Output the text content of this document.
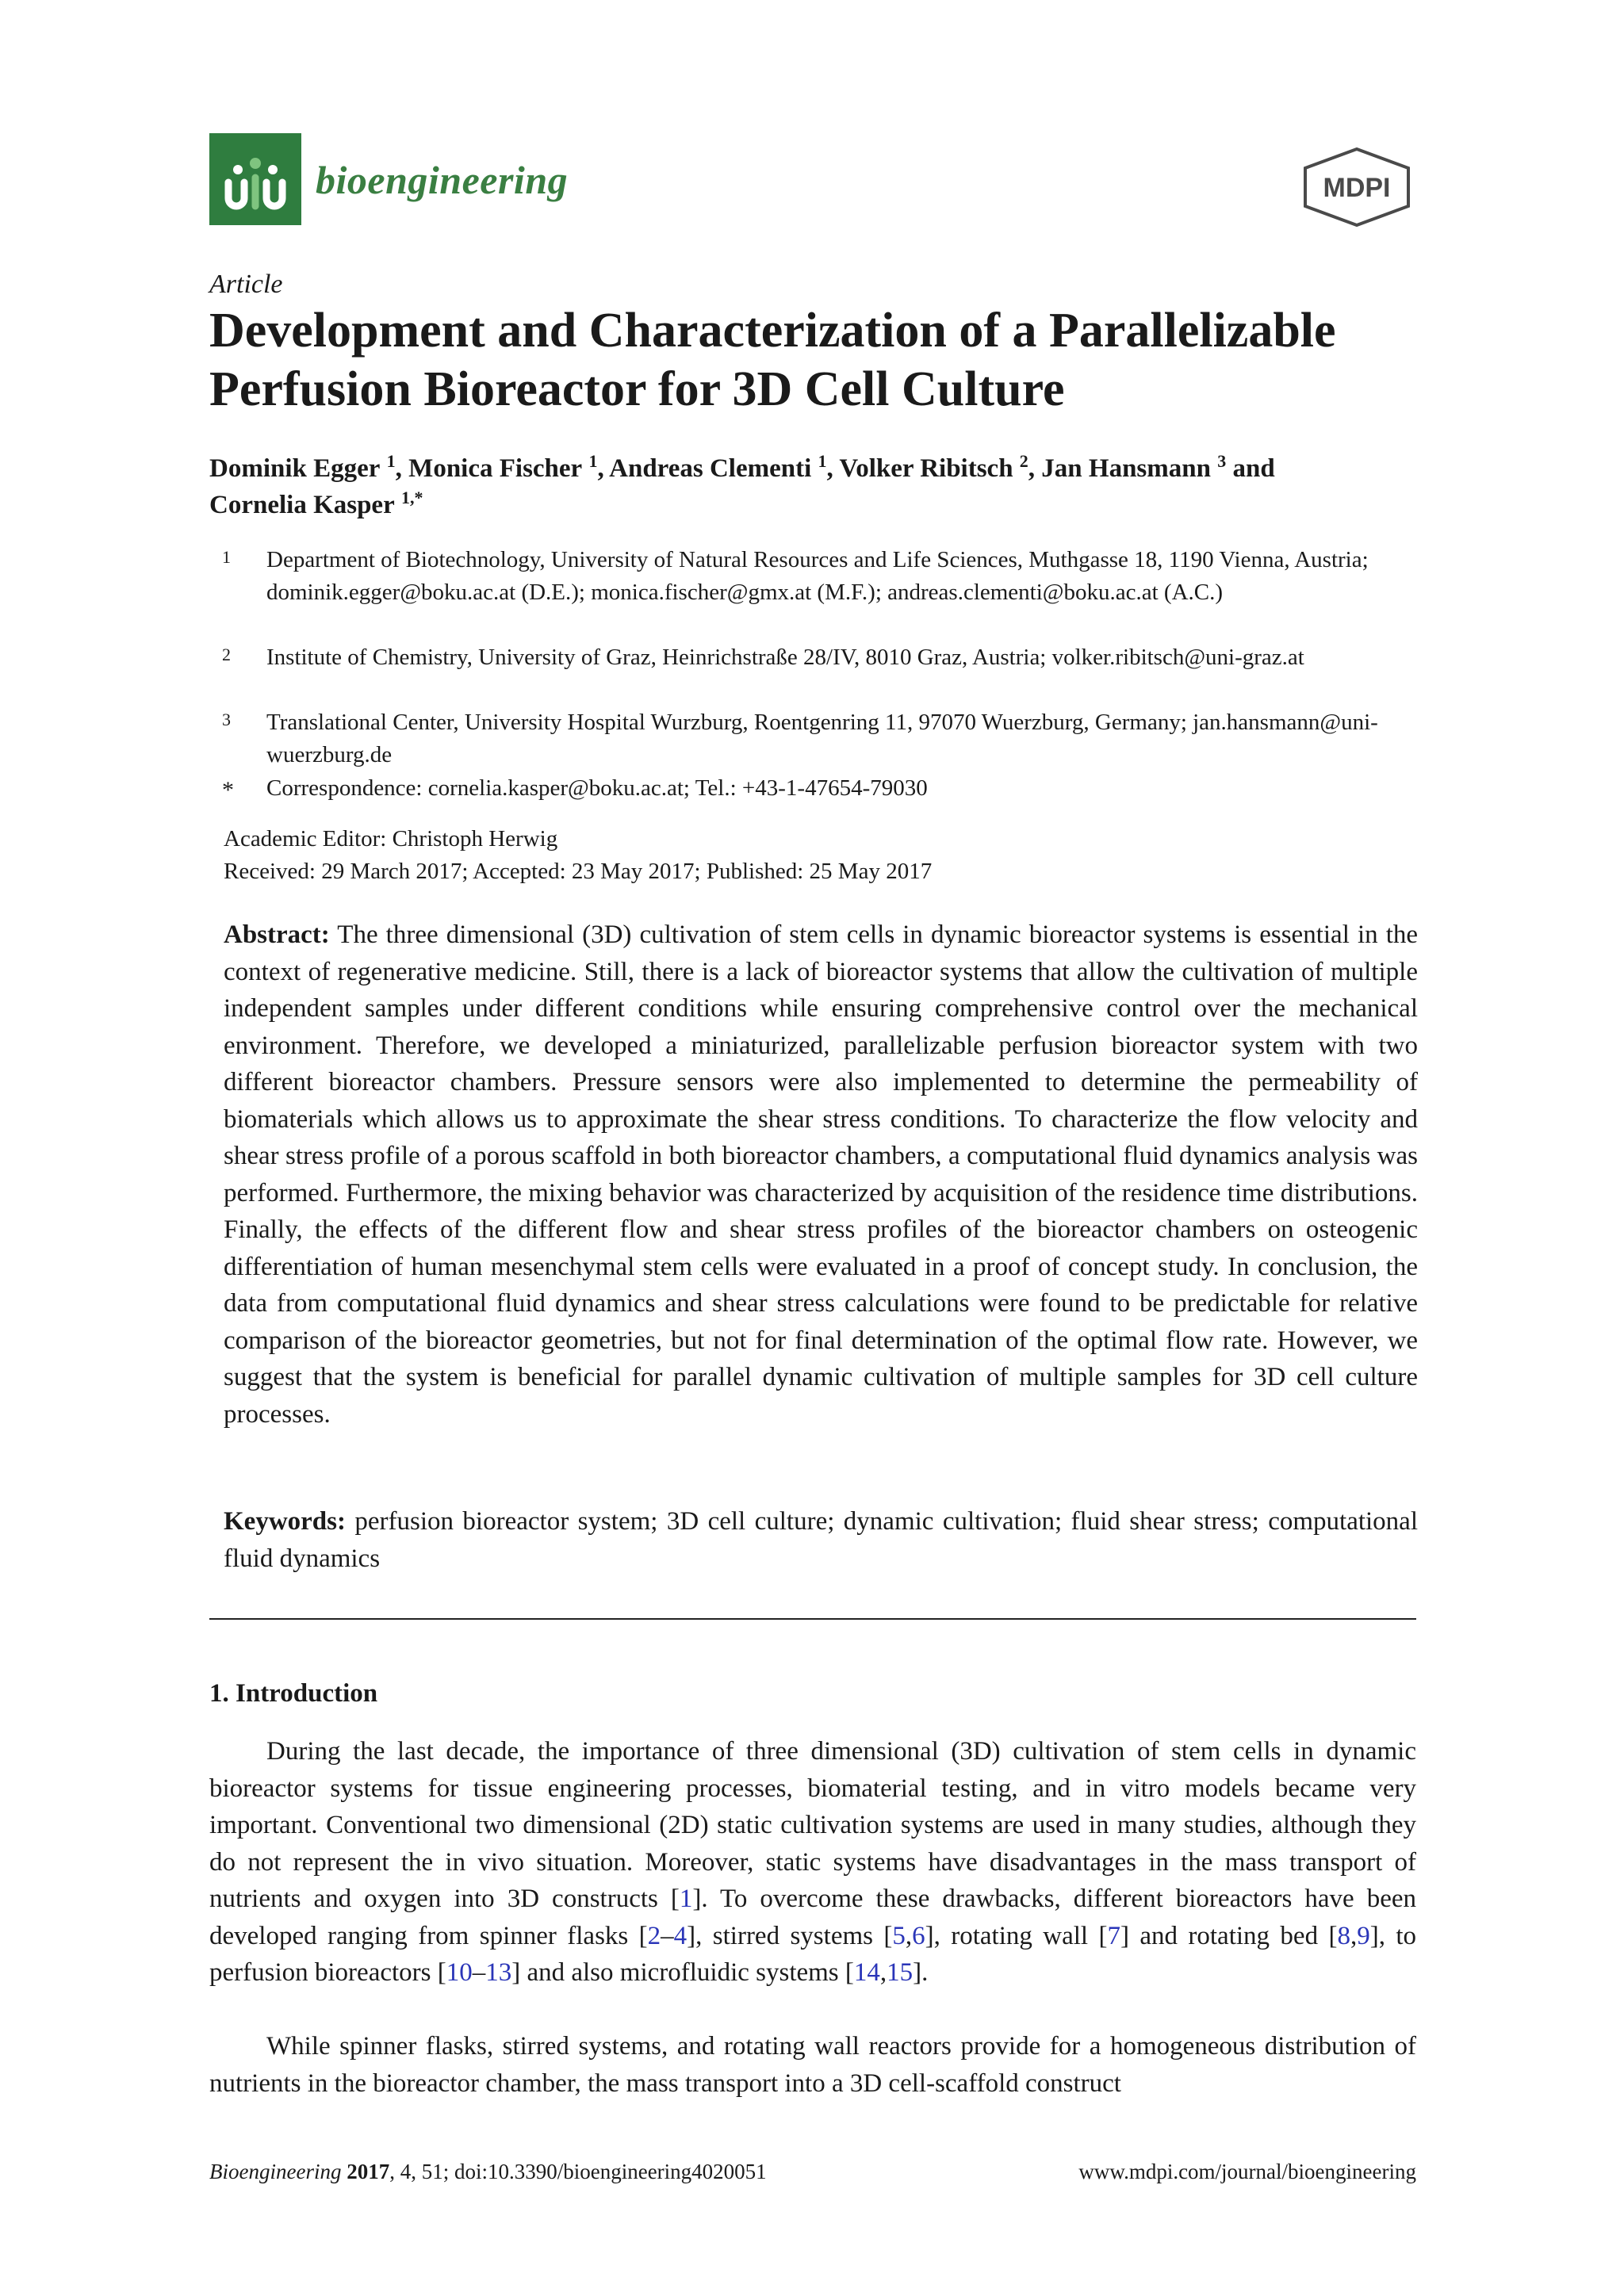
bioengineering	MDPI
Article
Development and Characterization of a Parallelizable Perfusion Bioreactor for 3D Cell Culture
Dominik Egger $^1$, Monica Fischer $^1$, Andreas Clementi $^1$, Volker Ribitsch $^2$, Jan Hansmann $^3$ and
Cornelia Kasper $^{1,*}$
1	Department of Biotechnology, University of Natural Resources and Life Sciences, Muthgasse 18, 1190 Vienna, Austria; dominik.egger@boku.ac.at (D.E.); monica.fischer@gmx.at (M.F.); andreas.clementi@boku.ac.at (A.C.)
2	Institute of Chemistry, University of Graz, Heinrichstraße 28/IV, 8010 Graz, Austria; volker.ribitsch@uni-graz.at
3	Translational Center, University Hospital Wurzburg, Roentgenring 11, 97070 Wuerzburg, Germany; jan.hansmann@uni-wuerzburg.de
*	Correspondence: cornelia.kasper@boku.ac.at; Tel.: +43-1-47654-79030
Academic Editor: Christoph Herwig
Received: 29 March 2017; Accepted: 23 May 2017; Published: 25 May 2017
Abstract: The three dimensional (3D) cultivation of stem cells in dynamic bioreactor systems is essential in the context of regenerative medicine. Still, there is a lack of bioreactor systems that allow the cultivation of multiple independent samples under different conditions while ensuring comprehensive control over the mechanical environment. Therefore, we developed a miniaturized, parallelizable perfusion bioreactor system with two different bioreactor chambers. Pressure sensors were also implemented to determine the permeability of biomaterials which allows us to approximate the shear stress conditions. To characterize the flow velocity and shear stress profile of a porous scaffold in both bioreactor chambers, a computational fluid dynamics analysis was performed. Furthermore, the mixing behavior was characterized by acquisition of the residence time distributions. Finally, the effects of the different flow and shear stress profiles of the bioreactor chambers on osteogenic differentiation of human mesenchymal stem cells were evaluated in a proof of concept study. In conclusion, the data from computational fluid dynamics and shear stress calculations were found to be predictable for relative comparison of the bioreactor geometries, but not for final determination of the optimal flow rate. However, we suggest that the system is beneficial for parallel dynamic cultivation of multiple samples for 3D cell culture processes.
Keywords: perfusion bioreactor system; 3D cell culture; dynamic cultivation; fluid shear stress; computational fluid dynamics
1. Introduction
During the last decade, the importance of three dimensional (3D) cultivation of stem cells in dynamic bioreactor systems for tissue engineering processes, biomaterial testing, and in vitro models became very important. Conventional two dimensional (2D) static cultivation systems are used in many studies, although they do not represent the in vivo situation. Moreover, static systems have disadvantages in the mass transport of nutrients and oxygen into 3D constructs [1]. To overcome these drawbacks, different bioreactors have been developed ranging from spinner flasks [2–4], stirred systems [5,6], rotating wall [7] and rotating bed [8,9], to perfusion bioreactors [10–13] and also microfluidic systems [14,15].
While spinner flasks, stirred systems, and rotating wall reactors provide for a homogeneous distribution of nutrients in the bioreactor chamber, the mass transport into a 3D cell-scaffold construct
Bioengineering 2017, 4, 51; doi:10.3390/bioengineering4020051	www.mdpi.com/journal/bioengineering
